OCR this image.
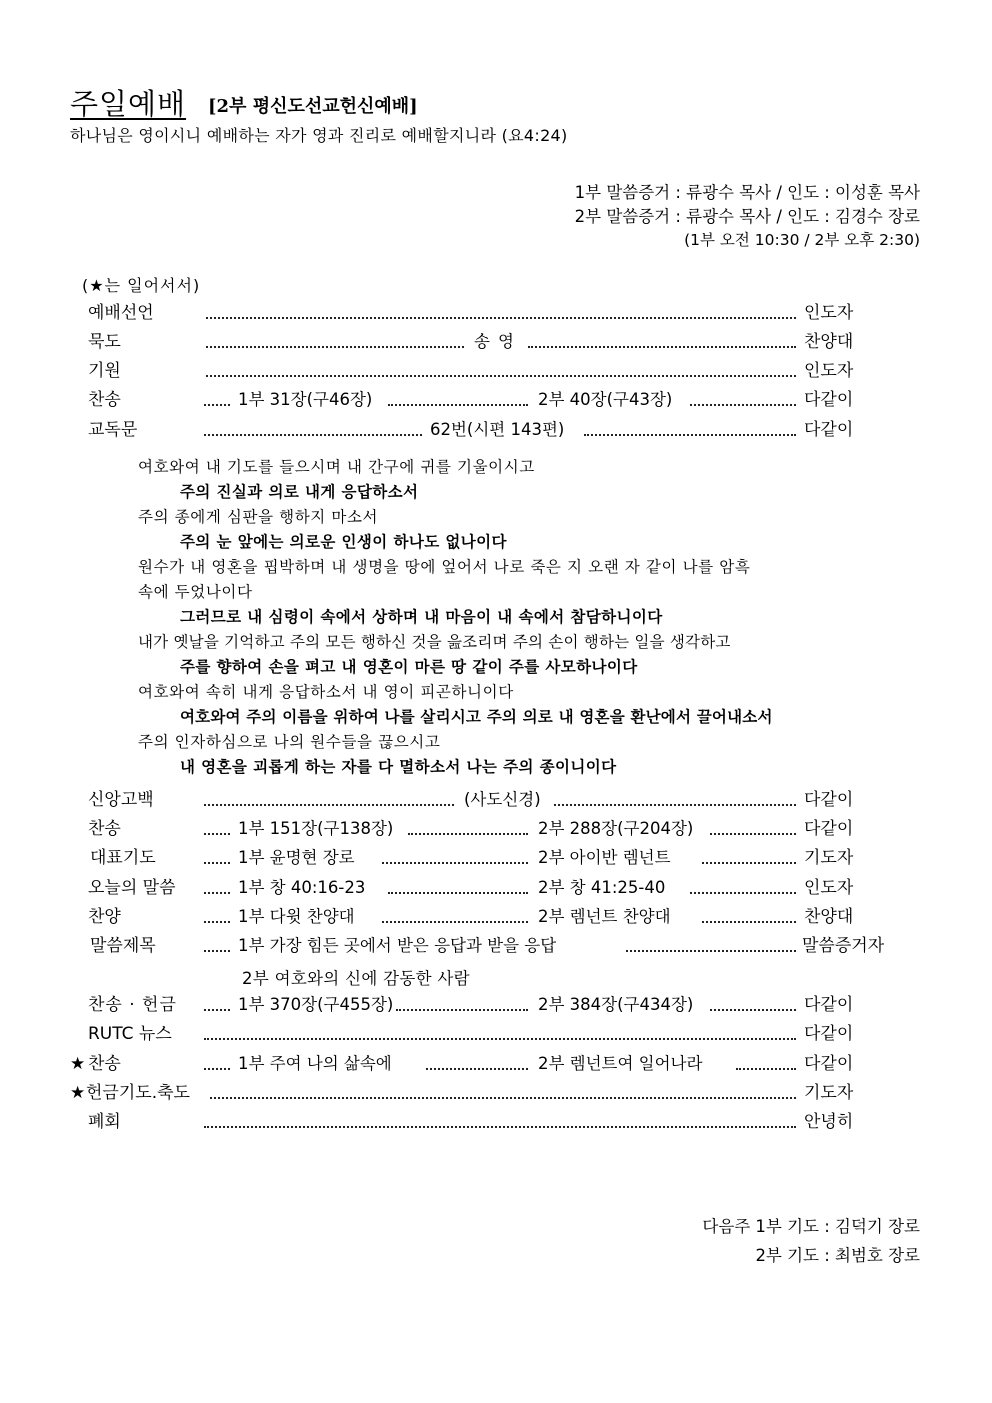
주일예배 [2부 평신도선교헌신예배]
하나님은 영이시니 예배하는 자가 영과 진리로 예배할지니라 (요4:24)
1부 말씀증거 : 류광수 목사 / 인도 : 이성훈 목사
2부 말씀증거 : 류광수 목사 / 인도 : 김경수 장로
(1부 오전 10:30 / 2부 오후 2:30)
(★는 일어서서)
예배선언	인도자
묵도	송영	찬양대
기원	인도자
찬송	1부 31장(구46장)	2부 40장(구43장)	다같이
교독문	62번(시편 143편)	다같이
여호와여 내 기도를 들으시며 내 간구에 귀를 기울이시고
주의 진실과 의로 내게 응답하소서
주의 종에게 심판을 행하지 마소서
주의 눈 앞에는 의로운 인생이 하나도 없나이다
원수가 내 영혼을 핍박하며 내 생명을 땅에 엎어서 나로 죽은 지 오랜 자 같이 나를 암흑
속에 두었나이다
그러므로 내 심령이 속에서 상하며 내 마음이 내 속에서 참담하니이다
내가 옛날을 기억하고 주의 모든 행하신 것을 읊조리며 주의 손이 행하는 일을 생각하고
주를 향하여 손을 펴고 내 영혼이 마른 땅 같이 주를 사모하나이다
여호와여 속히 내게 응답하소서 내 영이 피곤하니이다
여호와여 주의 이름을 위하여 나를 살리시고 주의 의로 내 영혼을 환난에서 끌어내소서
주의 인자하심으로 나의 원수들을 끊으시고
내 영혼을 괴롭게 하는 자를 다 멸하소서 나는 주의 종이니이다
신앙고백	(사도신경)	다같이
찬송	1부 151장(구138장)	2부 288장(구204장)	다같이
대표기도	1부 윤명현 장로	2부 아이반 렘넌트	기도자
오늘의 말씀	1부 창 40:16-23	2부 창 41:25-40	인도자
찬양	1부 다윗 찬양대	2부 렘넌트 찬양대	찬양대
말씀제목	1부 가장 힘든 곳에서 받은 응답과 받을 응답	말씀증거자
2부 여호와의 신에 감동한 사람
찬송 · 헌금	1부 370장(구455장)	2부 384장(구434장)	다같이
RUTC 뉴스	다같이
★ 찬송	1부 주여 나의 삶속에	2부 렘넌트여 일어나라	다같이
★ 헌금기도.축도	기도자
폐회	안녕히
다음주 1부 기도 : 김덕기 장로
2부 기도 : 최범호 장로
